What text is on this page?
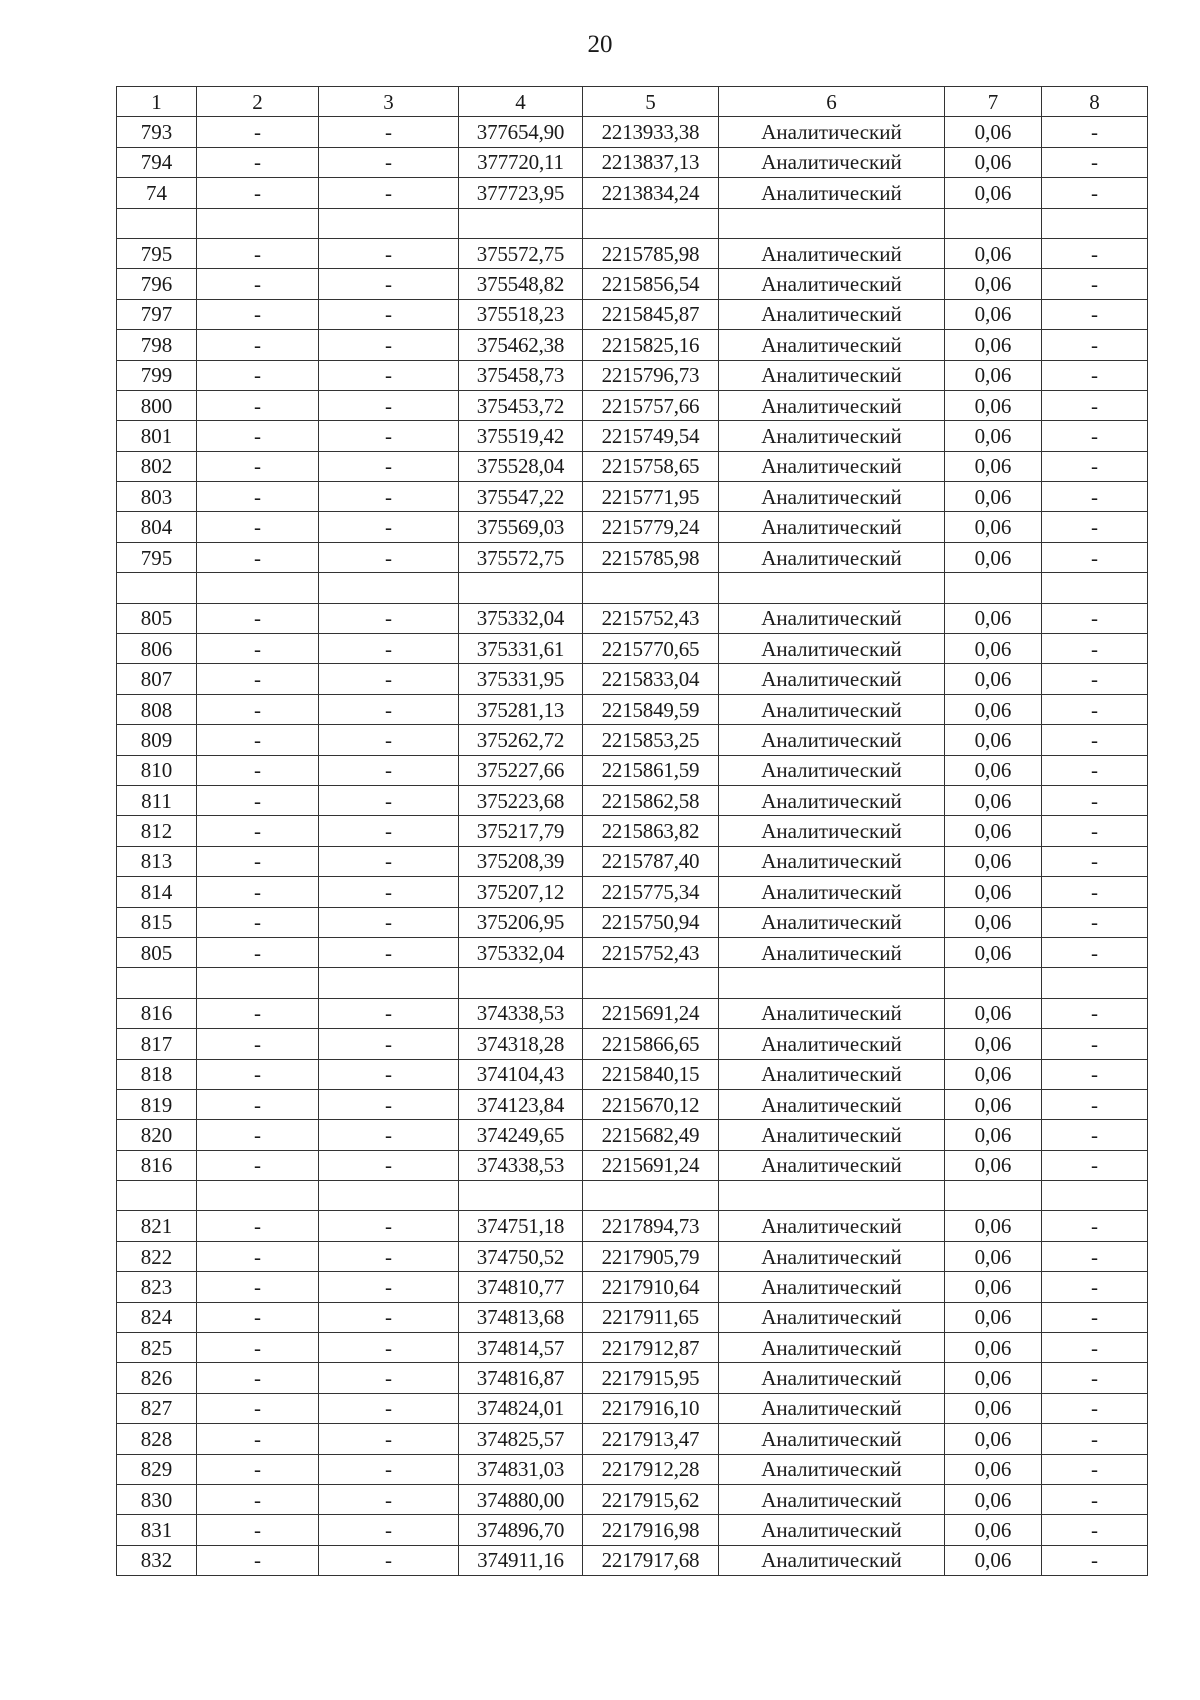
20
1	2	3	4	5	6	7	8
793	-	-	377654,90	2213933,38	Аналитический	0,06	-
794	-	-	377720,11	2213837,13	Аналитический	0,06	-
74	-	-	377723,95	2213834,24	Аналитический	0,06	-

795	-	-	375572,75	2215785,98	Аналитический	0,06	-
796	-	-	375548,82	2215856,54	Аналитический	0,06	-
797	-	-	375518,23	2215845,87	Аналитический	0,06	-
798	-	-	375462,38	2215825,16	Аналитический	0,06	-
799	-	-	375458,73	2215796,73	Аналитический	0,06	-
800	-	-	375453,72	2215757,66	Аналитический	0,06	-
801	-	-	375519,42	2215749,54	Аналитический	0,06	-
802	-	-	375528,04	2215758,65	Аналитический	0,06	-
803	-	-	375547,22	2215771,95	Аналитический	0,06	-
804	-	-	375569,03	2215779,24	Аналитический	0,06	-
795	-	-	375572,75	2215785,98	Аналитический	0,06	-

805	-	-	375332,04	2215752,43	Аналитический	0,06	-
806	-	-	375331,61	2215770,65	Аналитический	0,06	-
807	-	-	375331,95	2215833,04	Аналитический	0,06	-
808	-	-	375281,13	2215849,59	Аналитический	0,06	-
809	-	-	375262,72	2215853,25	Аналитический	0,06	-
810	-	-	375227,66	2215861,59	Аналитический	0,06	-
811	-	-	375223,68	2215862,58	Аналитический	0,06	-
812	-	-	375217,79	2215863,82	Аналитический	0,06	-
813	-	-	375208,39	2215787,40	Аналитический	0,06	-
814	-	-	375207,12	2215775,34	Аналитический	0,06	-
815	-	-	375206,95	2215750,94	Аналитический	0,06	-
805	-	-	375332,04	2215752,43	Аналитический	0,06	-

816	-	-	374338,53	2215691,24	Аналитический	0,06	-
817	-	-	374318,28	2215866,65	Аналитический	0,06	-
818	-	-	374104,43	2215840,15	Аналитический	0,06	-
819	-	-	374123,84	2215670,12	Аналитический	0,06	-
820	-	-	374249,65	2215682,49	Аналитический	0,06	-
816	-	-	374338,53	2215691,24	Аналитический	0,06	-

821	-	-	374751,18	2217894,73	Аналитический	0,06	-
822	-	-	374750,52	2217905,79	Аналитический	0,06	-
823	-	-	374810,77	2217910,64	Аналитический	0,06	-
824	-	-	374813,68	2217911,65	Аналитический	0,06	-
825	-	-	374814,57	2217912,87	Аналитический	0,06	-
826	-	-	374816,87	2217915,95	Аналитический	0,06	-
827	-	-	374824,01	2217916,10	Аналитический	0,06	-
828	-	-	374825,57	2217913,47	Аналитический	0,06	-
829	-	-	374831,03	2217912,28	Аналитический	0,06	-
830	-	-	374880,00	2217915,62	Аналитический	0,06	-
831	-	-	374896,70	2217916,98	Аналитический	0,06	-
832	-	-	374911,16	2217917,68	Аналитический	0,06	-
